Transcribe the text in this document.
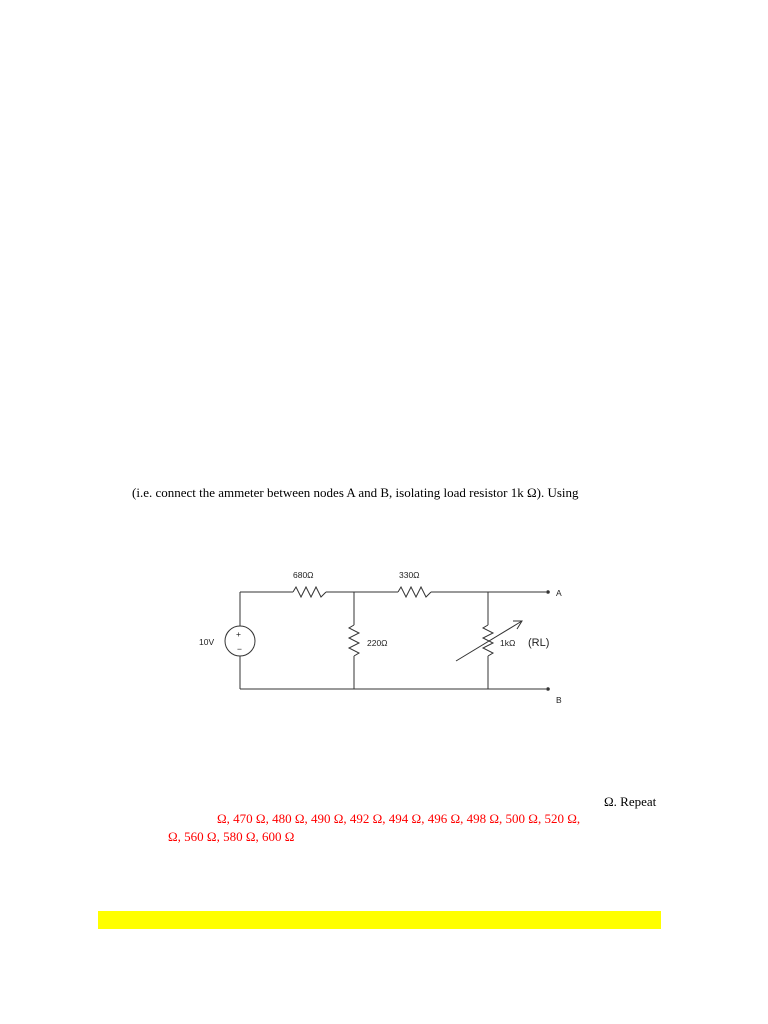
(i.e. connect the ammeter between nodes A and B, isolating load resistor 1k Ω). Using
680Ω	330Ω
220Ω
10V
+
−
1kΩ (RL)
A
B
Ω. Repeat
Ω, 470 Ω, 480 Ω, 490 Ω, 492 Ω, 494 Ω, 496 Ω, 498 Ω, 500 Ω, 520 Ω,
Ω, 560 Ω, 580 Ω, 600 Ω
